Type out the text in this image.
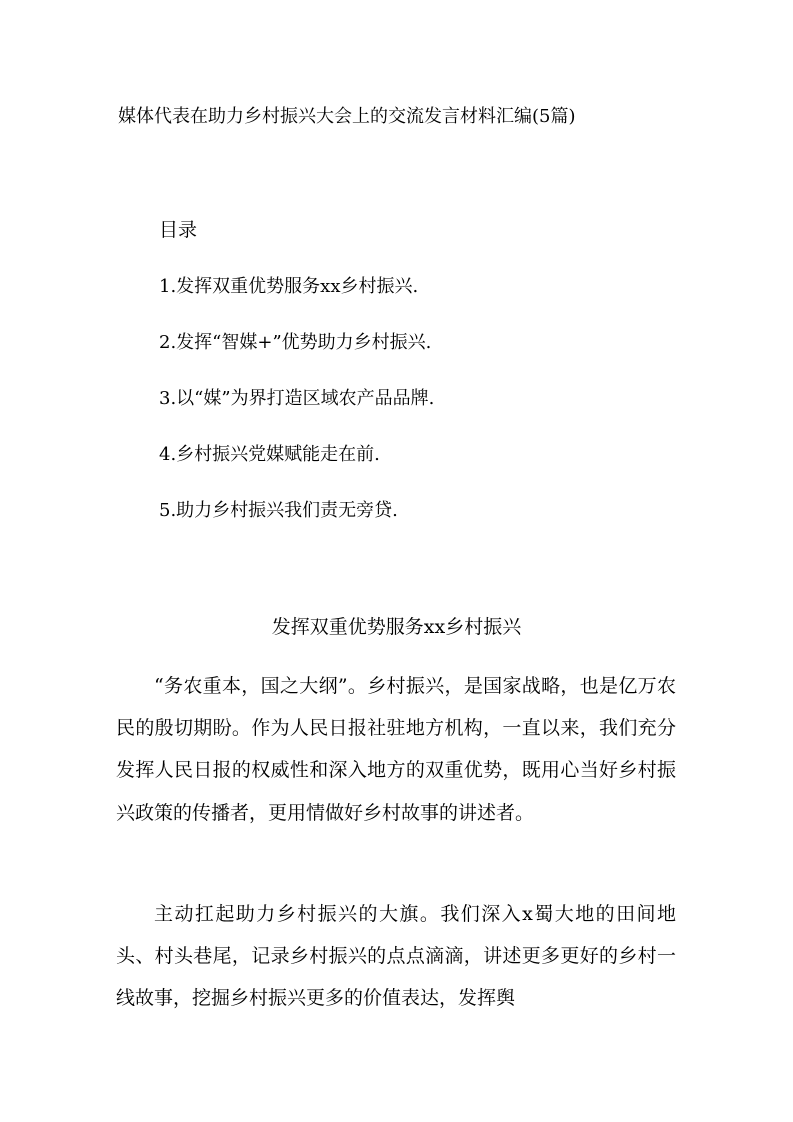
媒体代表在助力乡村振兴大会上的交流发言材料汇编(5篇)
目录
1.发挥双重优势服务xx乡村振兴.
2.发挥“智媒+”优势助力乡村振兴.
3.以“媒”为界打造区域农产品品牌.
4.乡村振兴党媒赋能走在前.
5.助力乡村振兴我们责无旁贷.
发挥双重优势服务xx乡村振兴

“务农重本，国之大纲”。乡村振兴，是国家战略，也是亿万农民的殷切期盼。作为人民日报社驻地方机构，一直以来，我们充分发挥人民日报的权威性和深入地方的双重优势，既用心当好乡村振兴政策的传播者，更用情做好乡村故事的讲述者。

主动扛起助力乡村振兴的大旗。我们深入x蜀大地的田间地头、村头巷尾，记录乡村振兴的点点滴滴，讲述更多更好的乡村一线故事，挖掘乡村振兴更多的价值表达，发挥舆
